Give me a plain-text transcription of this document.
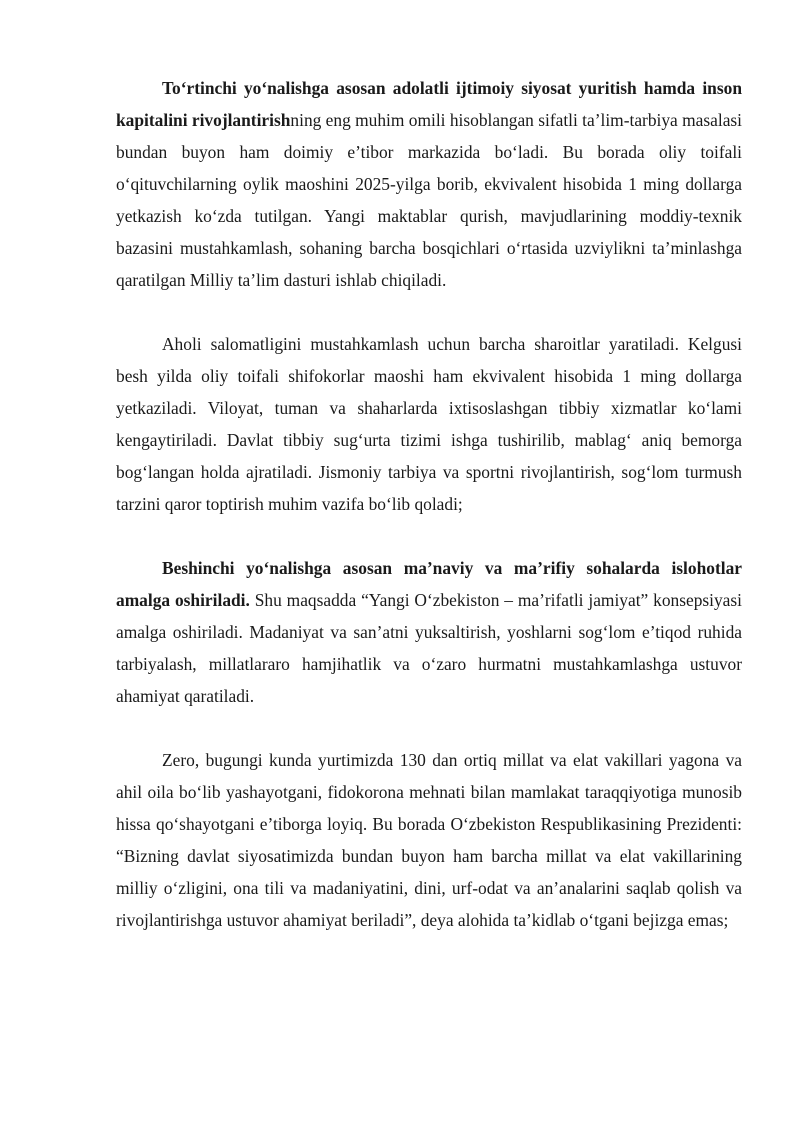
To‘rtinchi yo‘nalishga asosan adolatli ijtimoiy siyosat yuritish hamda inson kapitalini rivojlantirishning eng muhim omili hisoblangan sifatli ta’lim-tarbiya masalasi bundan buyon ham doimiy e’tibor markazida bo‘ladi. Bu borada oliy toifali o‘qituvchilarning oylik maoshini 2025-yilga borib, ekvivalent hisobida 1 ming dollarga yetkazish ko‘zda tutilgan. Yangi maktablar qurish, mavjudlarining moddiy-texnik bazasini mustahkamlash, sohaning barcha bosqichlari o‘rtasida uzviylikni ta’minlashga qaratilgan Milliy ta’lim dasturi ishlab chiqiladi.

Aholi salomatligini mustahkamlash uchun barcha sharoitlar yaratiladi. Kelgusi besh yilda oliy toifali shifokorlar maoshi ham ekvivalent hisobida 1 ming dollarga yetkaziladi. Viloyat, tuman va shaharlarda ixtisoslashgan tibbiy xizmatlar ko‘lami kengaytiriladi. Davlat tibbiy sug‘urta tizimi ishga tushirilib, mablag‘ aniq bemorga bog‘langan holda ajratiladi. Jismoniy tarbiya va sportni rivojlantirish, sog‘lom turmush tarzini qaror toptirish muhim vazifa bo‘lib qoladi;

Beshinchi yo‘nalishga asosan ma’naviy va ma’rifiy sohalarda islohotlar amalga oshiriladi. Shu maqsadda “Yangi O‘zbekiston – ma’rifatli jamiyat” konsepsiyasi amalga oshiriladi. Madaniyat va san’atni yuksaltirish, yoshlarni sog‘lom e’tiqod ruhida tarbiyalash, millatlararo hamjihatlik va o‘zaro hurmatni mustahkamlashga ustuvor ahamiyat qaratiladi.

Zero, bugungi kunda yurtimizda 130 dan ortiq millat va elat vakillari yagona va ahil oila bo‘lib yashayotgani, fidokorona mehnati bilan mamlakat taraqqiyotiga munosib hissa qo‘shayotgani e’tiborga loyiq. Bu borada O‘zbekiston Respublikasining Prezidenti: “Bizning davlat siyosatimizda bundan buyon ham barcha millat va elat vakillarining milliy o‘zligini, ona tili va madaniyatini, dini, urf-odat va an’analarini saqlab qolish va rivojlantirishga ustuvor ahamiyat beriladi”, deya alohida ta’kidlab o‘tgani bejizga emas;
